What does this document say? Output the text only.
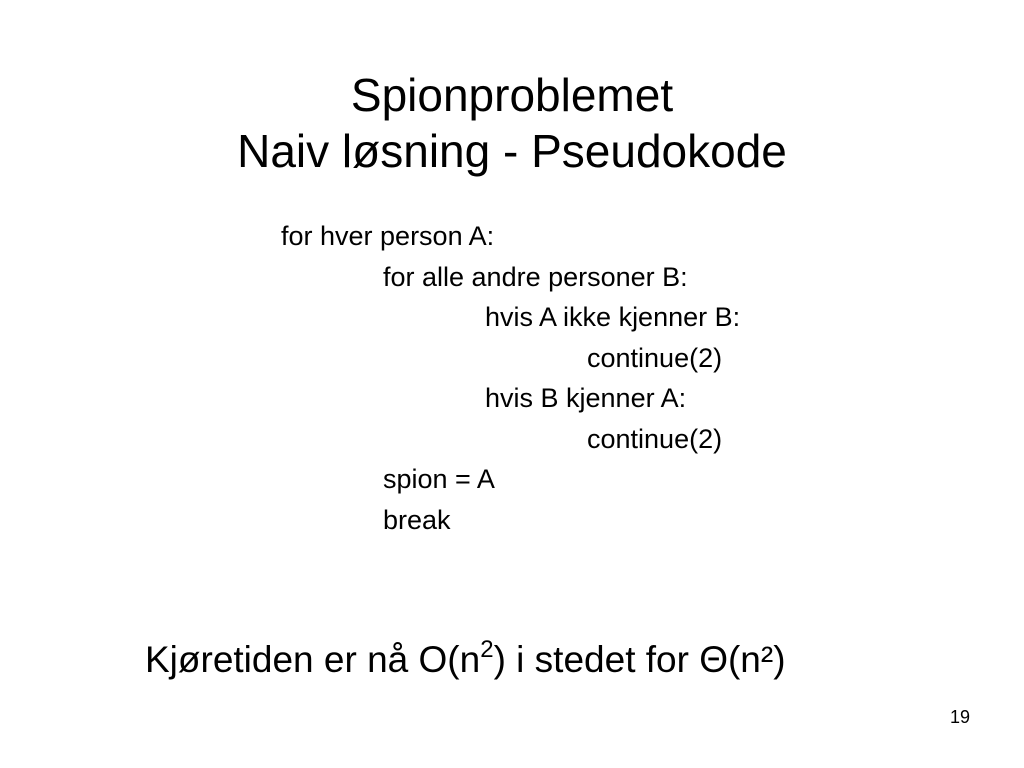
Spionproblemet
Naiv løsning - Pseudokode
for hver person A:
for alle andre personer B:
hvis A ikke kjenner B:
continue(2)
hvis B kjenner A:
continue(2)
spion = A
break
Kjøretiden er nå $O(n^2)$ i stedet for Θ(n²)
19
